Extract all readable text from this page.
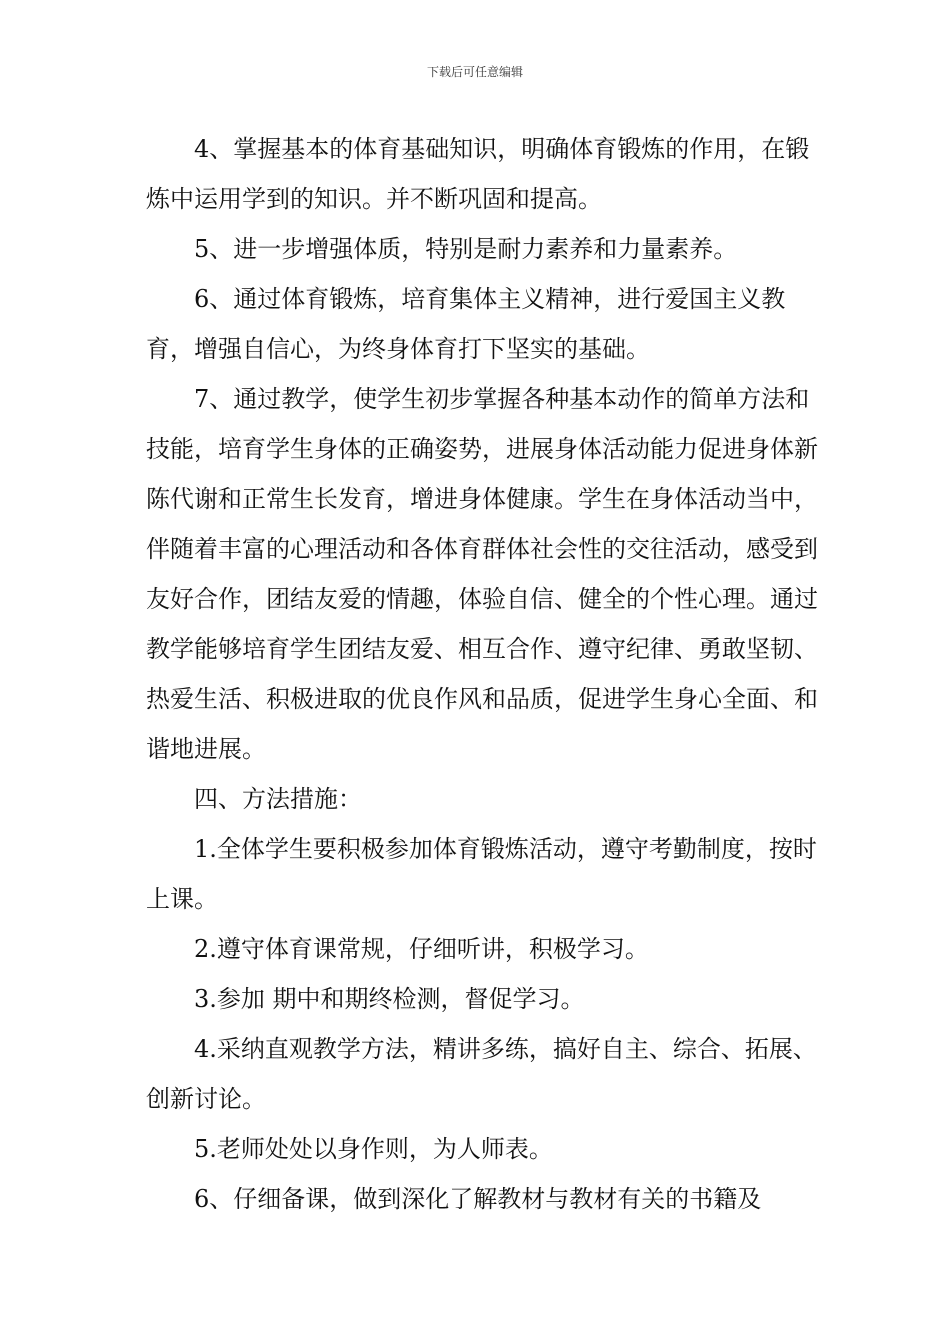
下载后可任意编辑

4、掌握基本的体育基础知识，明确体育锻炼的作用，在锻炼中运用学到的知识。并不断巩固和提高。

5、进一步增强体质，特别是耐力素养和力量素养。

6、通过体育锻炼，培育集体主义精神，进行爱国主义教育，增强自信心，为终身体育打下坚实的基础。

7、通过教学，使学生初步掌握各种基本动作的简单方法和技能，培育学生身体的正确姿势，进展身体活动能力促进身体新陈代谢和正常生长发育，增进身体健康。学生在身体活动当中，伴随着丰富的心理活动和各体育群体社会性的交往活动，感受到友好合作，团结友爱的情趣，体验自信、健全的个性心理。通过教学能够培育学生团结友爱、相互合作、遵守纪律、勇敢坚韧、热爱生活、积极进取的优良作风和品质，促进学生身心全面、和谐地进展。

四、方法措施：

1.全体学生要积极参加体育锻炼活动，遵守考勤制度，按时上课。

2.遵守体育课常规，仔细听讲，积极学习。

3.参加 期中和期终检测，督促学习。

4.采纳直观教学方法，精讲多练，搞好自主、综合、拓展、创新讨论。

5.老师处处以身作则，为人师表。

6、仔细备课，做到深化了解教材与教材有关的书籍及
